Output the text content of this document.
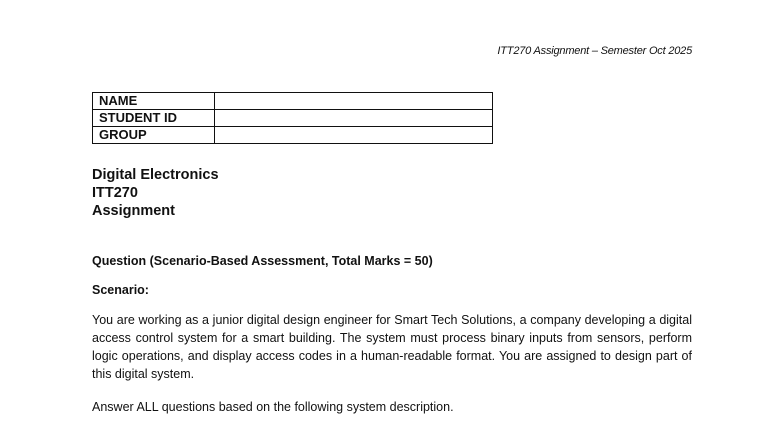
ITT270 Assignment – Semester Oct 2025
NAME	
STUDENT ID	
GROUP	
Digital Electronics
ITT270
Assignment
Question (Scenario-Based Assessment, Total Marks = 50)
Scenario:
You are working as a junior digital design engineer for Smart Tech Solutions, a company developing a digital access control system for a smart building. The system must process binary inputs from sensors, perform logic operations, and display access codes in a human-readable format. You are assigned to design part of this digital system.
Answer ALL questions based on the following system description.
